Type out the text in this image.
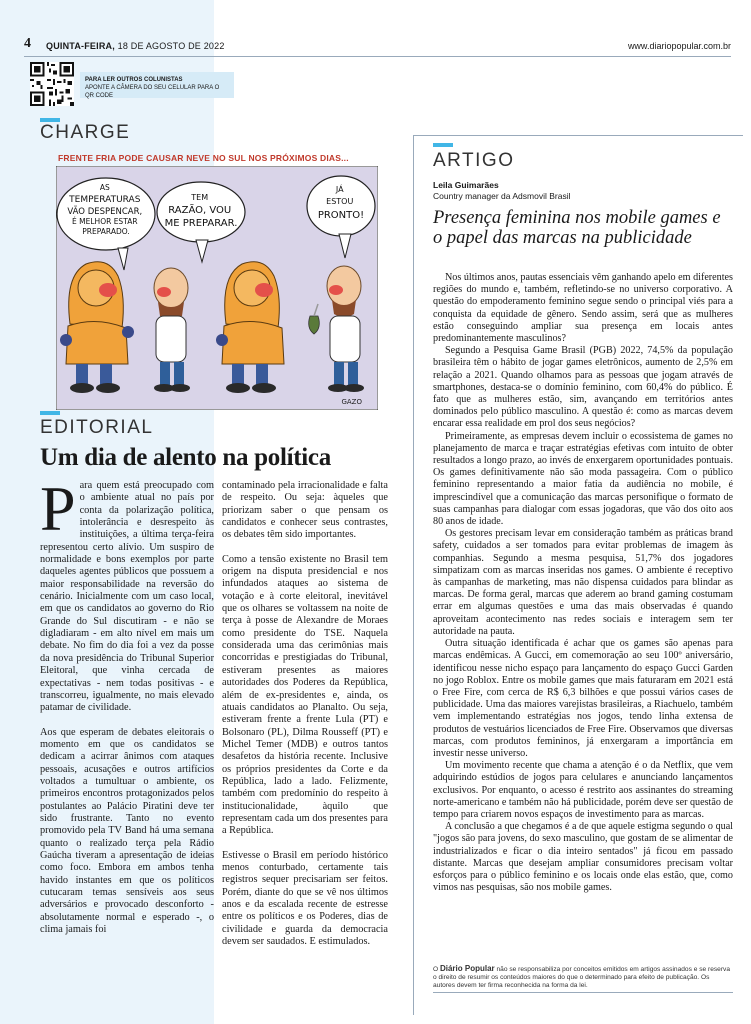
4 QUINTA-FEIRA, 18 DE AGOSTO DE 2022	www.diariopopular.com.br
PARA LER OUTROS COLUNISTAS
APONTE A CÂMERA DO SEU CELULAR PARA O QR CODE
CHARGE
FRENTE FRIA PODE CAUSAR NEVE NO SUL NOS PRÓXIMOS DIAS...
AS TEMPERATURAS VÃO DESPENCAR, É MELHOR ESTAR PREPARADO.
TEM RAZÃO, VOU ME PREPARAR.
JÁ ESTOU PRONTO!
GAZO
EDITORIAL
Um dia de alento na política

Para quem está preocupado com o ambiente atual no país por conta da polarização política, intolerância e desrespeito às instituições, a última terça-feira representou certo alívio. Um suspiro de normalidade e bons exemplos por parte daqueles agentes públicos que possuem a maior responsabilidade na reversão do cenário. Inicialmente com um caso local, em que os candidatos ao governo do Rio Grande do Sul discutiram - e não se digladiaram - em alto nível em mais um debate. No fim do dia foi a vez da posse da nova presidência do Tribunal Superior Eleitoral, que vinha cercada de expectativas - nem todas positivas - e transcorreu, igualmente, no mais elevado patamar de civilidade.

Aos que esperam de debates eleitorais o momento em que os candidatos se dedicam a acirrar ânimos com ataques pessoais, acusações e outros artifícios voltados a tumultuar o ambiente, os primeiros encontros protagonizados pelos postulantes ao Palácio Piratini deve ter sido frustrante. Tanto no evento promovido pela TV Band há uma semana quanto o realizado terça pela Rádio Gaúcha tiveram a apresentação de ideias como foco. Embora em ambos tenha havido instantes em que os políticos cutucaram temas sensíveis aos seus adversários e provocado desconforto - absolutamente normal e esperado -, o clima jamais foi

contaminado pela irracionalidade e falta de respeito. Ou seja: àqueles que priorizam saber o que pensam os candidatos e conhecer seus contrastes, os debates têm sido importantes.

Como a tensão existente no Brasil tem origem na disputa presidencial e nos infundados ataques ao sistema de votação e à corte eleitoral, inevitável que os olhares se voltassem na noite de terça à posse de Alexandre de Moraes como presidente do TSE. Naquela considerada uma das cerimônias mais concorridas e prestigiadas do Tribunal, estiveram presentes as maiores autoridades dos Poderes da República, além de ex-presidentes e, ainda, os atuais candidatos ao Planalto. Ou seja, estiveram frente a frente Lula (PT) e Bolsonaro (PL), Dilma Rousseff (PT) e Michel Temer (MDB) e outros tantos desafetos da história recente. Inclusive os próprios presidentes da Corte e da República, lado a lado. Felizmente, também com predomínio do respeito à institucionalidade, àquilo que representam cada um dos presentes para a República.

Estivesse o Brasil em período histórico menos conturbado, certamente tais registros sequer precisariam ser feitos. Porém, diante do que se vê nos últimos anos e da escalada recente de estresse entre os políticos e os Poderes, dias de civilidade e guarda da democracia devem ser saudados. E estimulados.

ARTIGO
Leila Guimarães
Country manager da Adsmovil Brasil
Presença feminina nos mobile games e o papel das marcas na publicidade

Nos últimos anos, pautas essenciais vêm ganhando apelo em diferentes regiões do mundo e, também, refletindo-se no universo corporativo. A questão do empoderamento feminino segue sendo o principal viés para a conquista da equidade de gênero. Sendo assim, será que as mulheres estão conseguindo ampliar sua presença em locais antes predominantemente masculinos?

Segundo a Pesquisa Game Brasil (PGB) 2022, 74,5% da população brasileira têm o hábito de jogar games eletrônicos, aumento de 2,5% em relação a 2021. Quando olhamos para as pessoas que jogam através de smartphones, destaca-se o domínio feminino, com 60,4% do público. É fato que as mulheres estão, sim, avançando em territórios antes dominados pelo público masculino. A questão é: como as marcas devem encarar essa realidade em prol dos seus negócios?

Primeiramente, as empresas devem incluir o ecossistema de games no planejamento de marca e traçar estratégias efetivas com intuito de obter resultados a longo prazo, ao invés de enxergarem oportunidades pontuais. Os games definitivamente não são moda passageira. Com o público feminino representando a maior fatia da audiência no mobile, é imprescindível que a comunicação das marcas personifique o formato de suas campanhas para dialogar com essas jogadoras, que vão dos oito aos 80 anos de idade.

Os gestores precisam levar em consideração também as práticas brand safety, cuidados a ser tomados para evitar problemas de imagem às companhias. Segundo a mesma pesquisa, 51,7% dos jogadores simpatizam com as marcas inseridas nos games. O ambiente é receptivo às campanhas de marketing, mas não dispensa cuidados para blindar as marcas. De forma geral, marcas que aderem ao brand gaming costumam errar em algumas questões e uma das mais observadas é quando aproveitam acontecimento nas redes sociais e interagem sem ter autoridade na pauta.

Outra situação identificada é achar que os games são apenas para marcas endêmicas. A Gucci, em comemoração ao seu 100º aniversário, identificou nesse nicho espaço para lançamento do espaço Gucci Garden no jogo Roblox. Entre os mobile games que mais faturaram em 2021 está o Free Fire, com cerca de R$ 6,3 bilhões e que possui vários cases de publicidade. Uma das maiores varejistas brasileiras, a Riachuelo, também vem implementando estratégias nos jogos, tendo linha extensa de produtos de vestuários licenciados de Free Fire. Observamos que diversas marcas, com produtos femininos, já enxergaram a importância em investir nesse universo.

Um movimento recente que chama a atenção é o da Netflix, que vem adquirindo estúdios de jogos para celulares e anunciando lançamentos exclusivos. Por enquanto, o acesso é restrito aos assinantes do streaming norte-americano e também não há publicidade, porém deve ser questão de tempo para criarem novos espaços de investimento para as marcas.

A conclusão a que chegamos é a de que aquele estigma segundo o qual "jogos são para jovens, do sexo masculino, que gostam de se alimentar de industrializados e ficar o dia inteiro sentados" já ficou em passado distante. Marcas que desejam ampliar consumidores precisam voltar esforços para o público feminino e os locais onde elas estão, que, como vimos nas pesquisas, são nos mobile games.

O Diário Popular não se responsabiliza por conceitos emitidos em artigos assinados e se reserva o direito de resumir os conteúdos maiores do que o determinado para efeito de publicação. Os autores devem ter firma reconhecida na forma da lei.
